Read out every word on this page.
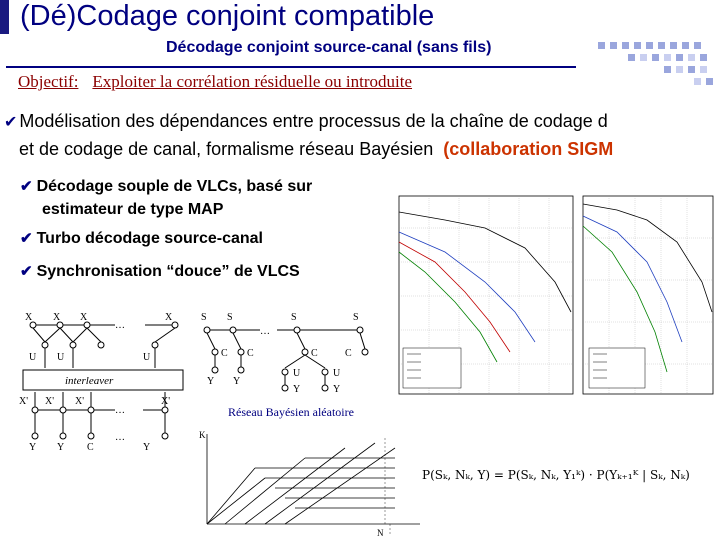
(Dé)Codage conjoint compatible
Décodage conjoint source-canal (sans fils)
Objectif: Exploiter la corrélation résiduelle ou introduite
✔ Modélisation des dépendances entre processus de la chaîne de codage d
et de codage de canal, formalisme réseau Bayésien (collaboration SIGM
✔ Décodage souple de VLCs, basé sur
estimateur de type MAP
✔ Turbo décodage source-canal
✔ Synchronisation “douce” de VLCS
X X X	X
U U	U
X' X' X'	X'
Y Y C	Y
S S	S	S
C C	C	C
Y Y
U	U
Y	Y
…
…
…
…
interleaver
Réseau Bayésien aléatoire
N
K
P(Sₖ, Nₖ, Y) = P(Sₖ, Nₖ, Y₁ᵏ) · P(Yₖ₊₁ᴷ | Sₖ, Nₖ)
